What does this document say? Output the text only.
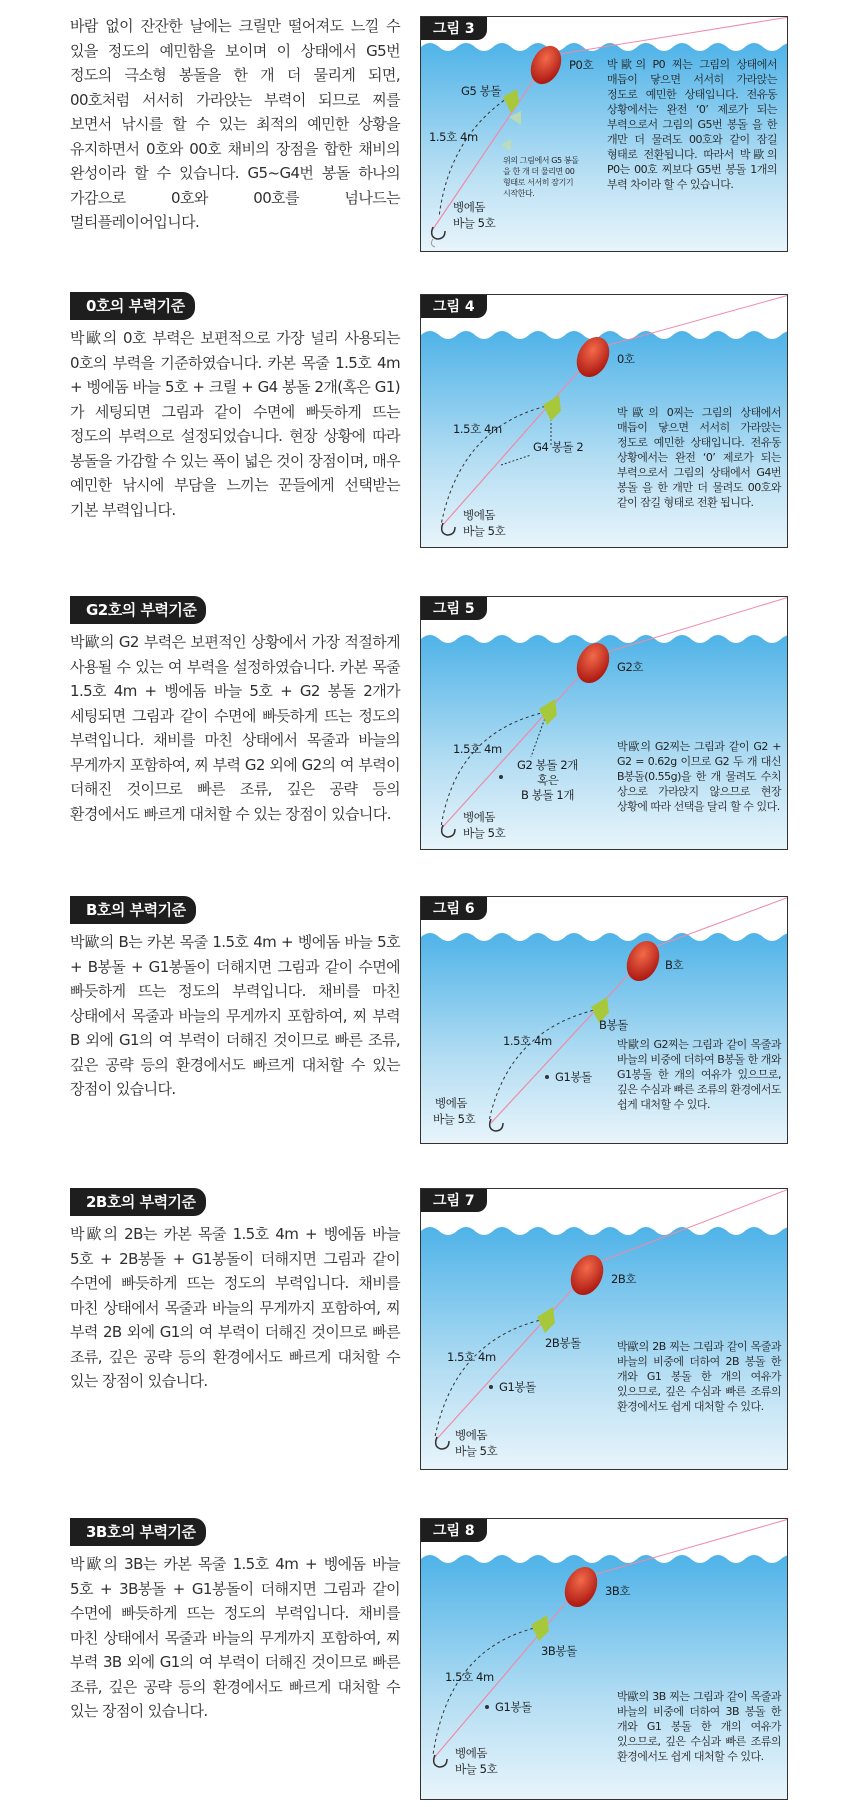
바람 없이 잔잔한 날에는 크릴만 떨어져도 느낄 수 있을 정도의 예민함을 보이며 이 상태에서 G5번 정도의 극소형 봉돌을 한 개 더 물리게 되면, 00호처럼 서서히 가라앉는 부력이 되므로 찌를 보면서 낚시를 할 수 있는 최적의 예민한 상황을 유지하면서 0호와 00호 채비의 장점을 합한 채비의 완성이라 할 수 있습니다. G5~G4번 봉돌 하나의 가감으로 0호와 00호를 넘나드는 멀티플레이어입니다.
그림 3
P0호
G5 봉돌
1.5호 4m
벵에돔
바늘 5호
위의 그림에서 G5 봉돌을 한 개 더 물리면 00형태로 서서히 잠기기 시작한다.
박歐의 P0 찌는 그림의 상태에서 매듭이 닿으면 서서히 가라앉는 정도로 예민한 상태입니다. 전유동 상황에서는 완전 ‘0’ 제로가 되는 부력으로서 그림의 G5번 봉돌 을 한 개만 더 물려도 00호와 같이 잠길 형태로 전환됩니다. 따라서 박歐의 P0는 00호 찌보다 G5번 봉돌 1개의 부력 차이라 할 수 있습니다.
0호의 부력기준
박歐의 0호 부력은 보편적으로 가장 널리 사용되는 0호의 부력을 기준하였습니다. 카본 목줄 1.5호 4m + 벵에돔 바늘 5호 + 크릴 + G4 봉돌 2개(혹은 G1)가 세팅되면 그림과 같이 수면에 빠듯하게 뜨는 정도의 부력으로 설정되었습니다. 현장 상황에 따라 봉돌을 가감할 수 있는 폭이 넓은 것이 장점이며, 매우 예민한 낚시에 부담을 느끼는 꾼들에게 선택받는 기본 부력입니다.
그림 4
0호
G4 봉돌 2
1.5호 4m
벵에돔
바늘 5호
박歐의 0찌는 그림의 상태에서 매듭이 닿으면 서서히 가라앉는 정도로 예민한 상태입니다. 전유동 상황에서는 완전 ‘0’ 제로가 되는 부력으로서 그림의 상태에서 G4번 봉돌 을 한 개만 더 물려도 00호와 같이 잠길 형태로 전환 됩니다.
G2호의 부력기준
박歐의 G2 부력은 보편적인 상황에서 가장 적절하게 사용될 수 있는 여 부력을 설정하였습니다. 카본 목줄 1.5호 4m + 벵에돔 바늘 5호 + G2 봉돌 2개가 세팅되면 그림과 같이 수면에 빠듯하게 뜨는 정도의 부력입니다. 채비를 마친 상태에서 목줄과 바늘의 무게까지 포함하여, 찌 부력 G2 외에 G2의 여 부력이 더해진 것이므로 빠른 조류, 깊은 공략 등의 환경에서도 빠르게 대처할 수 있는 장점이 있습니다.
그림 5
G2호
G2 봉돌 2개
혹은
B 봉돌 1개
1.5호 4m
벵에돔
바늘 5호
박歐의 G2찌는 그림과 같이 G2 + G2 = 0.62g 이므로 G2 두 개 대신 B봉돌(0.55g)을 한 개 물려도 수치 상으로 가라앉지 않으므로 현장 상황에 따라 선택을 달리 할 수 있다.
B호의 부력기준
박歐의 B는 카본 목줄 1.5호 4m + 벵에돔 바늘 5호 + B봉돌 + G1봉돌이 더해지면 그림과 같이 수면에 빠듯하게 뜨는 정도의 부력입니다. 채비를 마친 상태에서 목줄과 바늘의 무게까지 포함하여, 찌 부력 B 외에 G1의 여 부력이 더해진 것이므로 빠른 조류, 깊은 공략 등의 환경에서도 빠르게 대처할 수 있는 장점이 있습니다.
그림 6
B호
B봉돌
G1봉돌
1.5호 4m
벵에돔
바늘 5호
박歐의 G2찌는 그림과 같이 목줄과 바늘의 비중에 더하여 B봉돌 한 개와 G1봉돌 한 개의 여유가 있으므로, 깊은 수심과 빠른 조류의 환경에서도 쉽게 대처할 수 있다.
2B호의 부력기준
박歐의 2B는 카본 목줄 1.5호 4m + 벵에돔 바늘 5호 + 2B봉돌 + G1봉돌이 더해지면 그림과 같이 수면에 빠듯하게 뜨는 정도의 부력입니다. 채비를 마친 상태에서 목줄과 바늘의 무게까지 포함하여, 찌 부력 2B 외에 G1의 여 부력이 더해진 것이므로 빠른 조류, 깊은 공략 등의 환경에서도 빠르게 대처할 수 있는 장점이 있습니다.
그림 7
2B호
2B봉돌
G1봉돌
1.5호 4m
벵에돔
바늘 5호
박歐의 2B 찌는 그림과 같이 목줄과 바늘의 비중에 더하여 2B 봉돌 한 개와 G1 봉돌 한 개의 여유가 있으므로, 깊은 수심과 빠른 조류의 환경에서도 쉽게 대처할 수 있다.
3B호의 부력기준
박歐의 3B는 카본 목줄 1.5호 4m + 벵에돔 바늘 5호 + 3B봉돌 + G1봉돌이 더해지면 그림과 같이 수면에 빠듯하게 뜨는 정도의 부력입니다. 채비를 마친 상태에서 목줄과 바늘의 무게까지 포함하여, 찌 부력 3B 외에 G1의 여 부력이 더해진 것이므로 빠른 조류, 깊은 공략 등의 환경에서도 빠르게 대처할 수 있는 장점이 있습니다.
그림 8
3B호
3B봉돌
G1봉돌
1.5호 4m
벵에돔
바늘 5호
박歐의 3B 찌는 그림과 같이 목줄과 바늘의 비중에 더하여 3B 봉돌 한 개와 G1 봉돌 한 개의 여유가 있으므로, 깊은 수심과 빠른 조류의 환경에서도 쉽게 대처할 수 있다.
